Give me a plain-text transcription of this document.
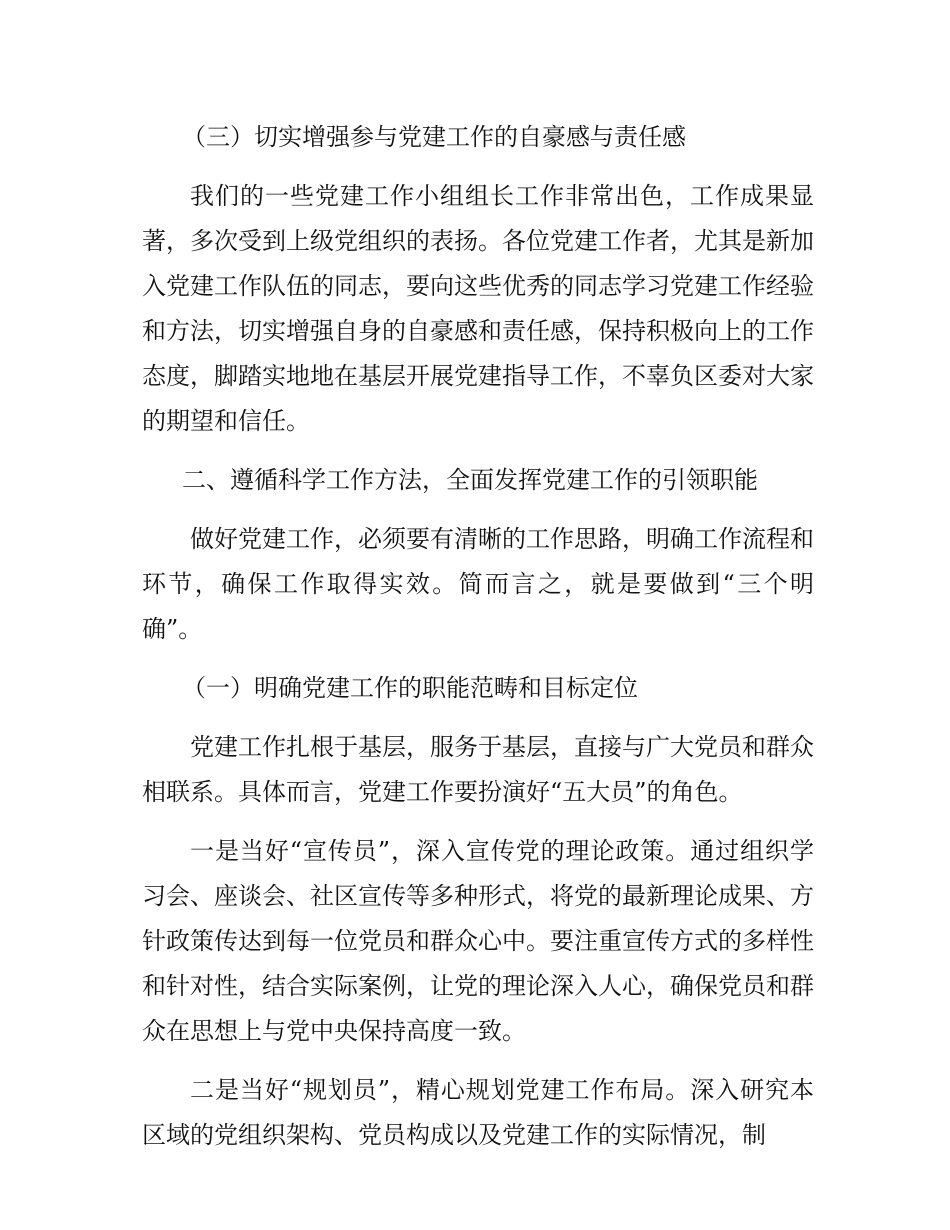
（三）切实增强参与党建工作的自豪感与责任感

我们的一些党建工作小组组长工作非常出色，工作成果显著，多次受到上级党组织的表扬。各位党建工作者，尤其是新加入党建工作队伍的同志，要向这些优秀的同志学习党建工作经验和方法，切实增强自身的自豪感和责任感，保持积极向上的工作态度，脚踏实地地在基层开展党建指导工作，不辜负区委对大家的期望和信任。

二、遵循科学工作方法，全面发挥党建工作的引领职能

做好党建工作，必须要有清晰的工作思路，明确工作流程和环节，确保工作取得实效。简而言之，就是要做到“三个明确”。

（一）明确党建工作的职能范畴和目标定位

党建工作扎根于基层，服务于基层，直接与广大党员和群众相联系。具体而言，党建工作要扮演好“五大员”的角色。

一是当好“宣传员”，深入宣传党的理论政策。通过组织学习会、座谈会、社区宣传等多种形式，将党的最新理论成果、方针政策传达到每一位党员和群众心中。要注重宣传方式的多样性和针对性，结合实际案例，让党的理论深入人心，确保党员和群众在思想上与党中央保持高度一致。

二是当好“规划员”，精心规划党建工作布局。深入研究本区域的党组织架构、党员构成以及党建工作的实际情况，制
